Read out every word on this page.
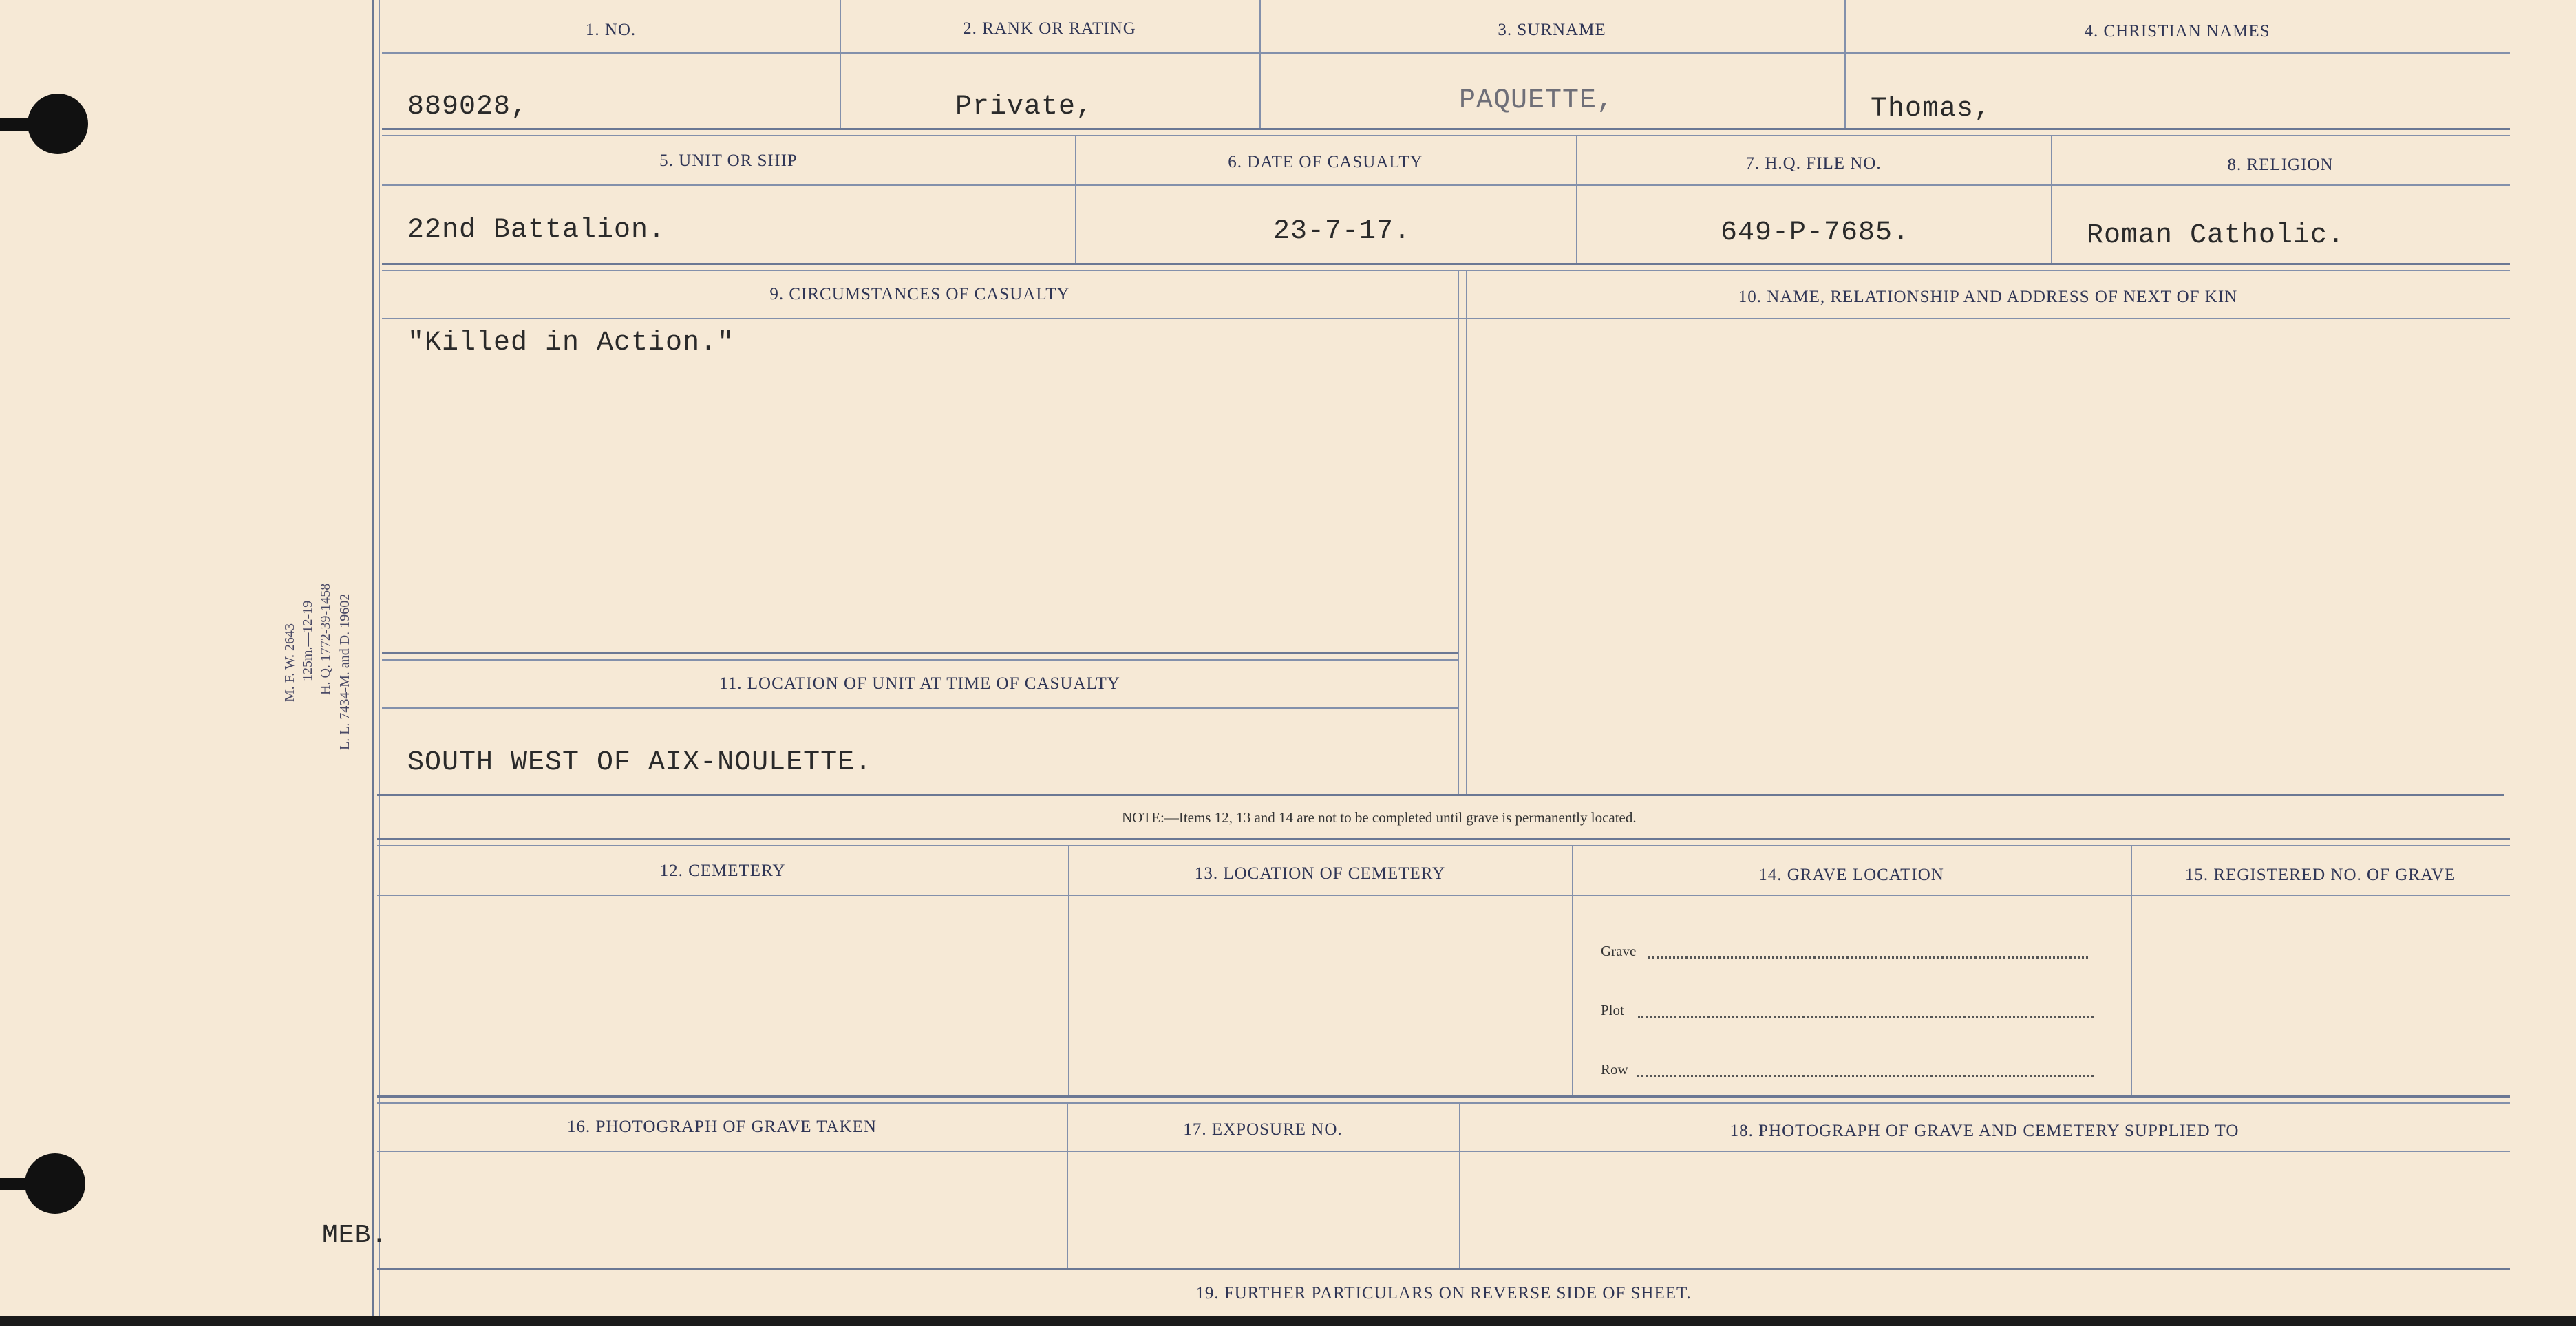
M. F. W. 2643 125m.—12-19 H. Q. 1772-39-1458 L. L. 7434-M. and D. 19602
1. NO.	2. RANK OR RATING	3. SURNAME	4. CHRISTIAN NAMES
889028,	Private,	PAQUETTE,	Thomas,
5. UNIT OR SHIP	6. DATE OF CASUALTY	7. H.Q. FILE NO.	8. RELIGION
22nd Battalion.	23-7-17.	649-P-7685.	Roman Catholic.
9. CIRCUMSTANCES OF CASUALTY	10. NAME, RELATIONSHIP AND ADDRESS OF NEXT OF KIN
"Killed in Action."
11. LOCATION OF UNIT AT TIME OF CASUALTY
SOUTH WEST OF AIX-NOULETTE.
NOTE:—Items 12, 13 and 14 are not to be completed until grave is permanently located.
12. CEMETERY	13. LOCATION OF CEMETERY	14. GRAVE LOCATION	15. REGISTERED NO. OF GRAVE
Grave
Plot
Row
16. PHOTOGRAPH OF GRAVE TAKEN	17. EXPOSURE NO.	18. PHOTOGRAPH OF GRAVE AND CEMETERY SUPPLIED TO
MEB.
19. FURTHER PARTICULARS ON REVERSE SIDE OF SHEET.
